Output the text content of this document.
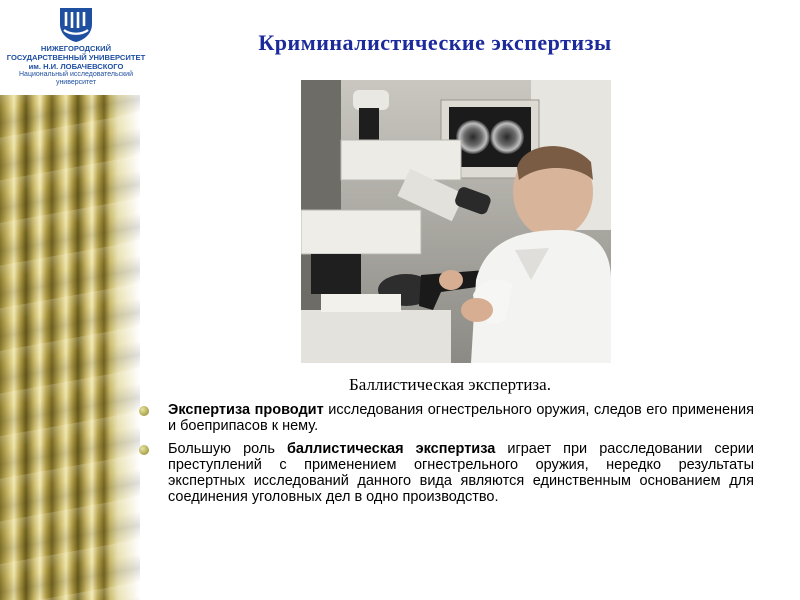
НИЖЕГОРОДСКИЙ
ГОСУДАРСТВЕННЫЙ УНИВЕРСИТЕТ
им. Н.И. ЛОБАЧЕВСКОГО
Национальный исследовательский
университет
Криминалистические экспертизы
Баллистическая экспертиза.
Экспертиза проводит исследования огнестрельного оружия, следов его применения и боеприпасов к нему.
Большую роль баллистическая экспертиза играет при расследовании серии преступлений с применением огнестрельного оружия, нередко результаты экспертных исследований данного вида являются единственным основанием для соединения уголовных дел в одно производство.
